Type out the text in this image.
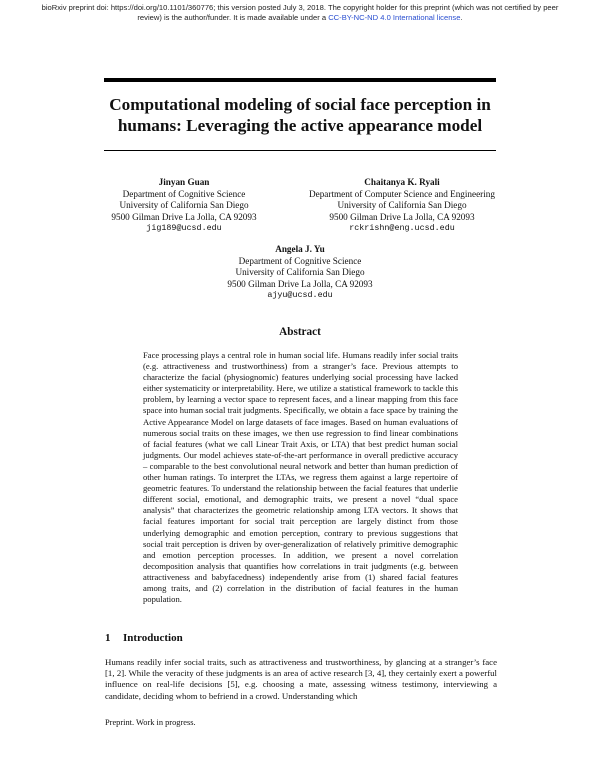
bioRxiv preprint doi: https://doi.org/10.1101/360776; this version posted July 3, 2018. The copyright holder for this preprint (which was not certified by peer review) is the author/funder. It is made available under a CC-BY-NC-ND 4.0 International license.
Computational modeling of social face perception in humans: Leveraging the active appearance model
Jinyan Guan
Department of Cognitive Science
University of California San Diego
9500 Gilman Drive La Jolla, CA 92093
jig189@ucsd.edu
Chaitanya K. Ryali
Department of Computer Science and Engineering
University of California San Diego
9500 Gilman Drive La Jolla, CA 92093
rckrishn@eng.ucsd.edu
Angela J. Yu
Department of Cognitive Science
University of California San Diego
9500 Gilman Drive La Jolla, CA 92093
ajyu@ucsd.edu
Abstract
Face processing plays a central role in human social life. Humans readily infer social traits (e.g. attractiveness and trustworthiness) from a stranger’s face. Previous attempts to characterize the facial (physiognomic) features underlying social processing have lacked either systematicity or interpretability. Here, we utilize a statistical framework to tackle this problem, by learning a vector space to represent faces, and a linear mapping from this face space into human social trait judgments. Specifically, we obtain a face space by training the Active Appearance Model on large datasets of face images. Based on human evaluations of numerous social traits on these images, we then use regression to find linear combinations of facial features (what we call Linear Trait Axis, or LTA) that best predict human social judgments. Our model achieves state-of-the-art performance in overall predictive accuracy – comparable to the best convolutional neural network and better than human prediction of other human ratings. To interpret the LTAs, we regress them against a large repertoire of geometric features. To understand the relationship between the facial features that underlie different social, emotional, and demographic traits, we present a novel “dual space analysis” that characterizes the geometric relationship among LTA vectors. It shows that facial features important for social trait perception are largely distinct from those underlying demographic and emotion perception, contrary to previous suggestions that social trait perception is driven by over-generalization of relatively primitive demographic and emotion perception processes. In addition, we present a novel correlation decomposition analysis that quantifies how correlations in trait judgments (e.g. between attractiveness and babyfacedness) independently arise from (1) shared facial features among traits, and (2) correlation in the distribution of facial features in the human population.
1 Introduction
Humans readily infer social traits, such as attractiveness and trustworthiness, by glancing at a stranger’s face [1, 2]. While the veracity of these judgments is an area of active research [3, 4], they certainly exert a powerful influence on real-life decisions [5], e.g. choosing a mate, assessing witness testimony, interviewing a candidate, deciding whom to befriend in a crowd. Understanding which
Preprint. Work in progress.
